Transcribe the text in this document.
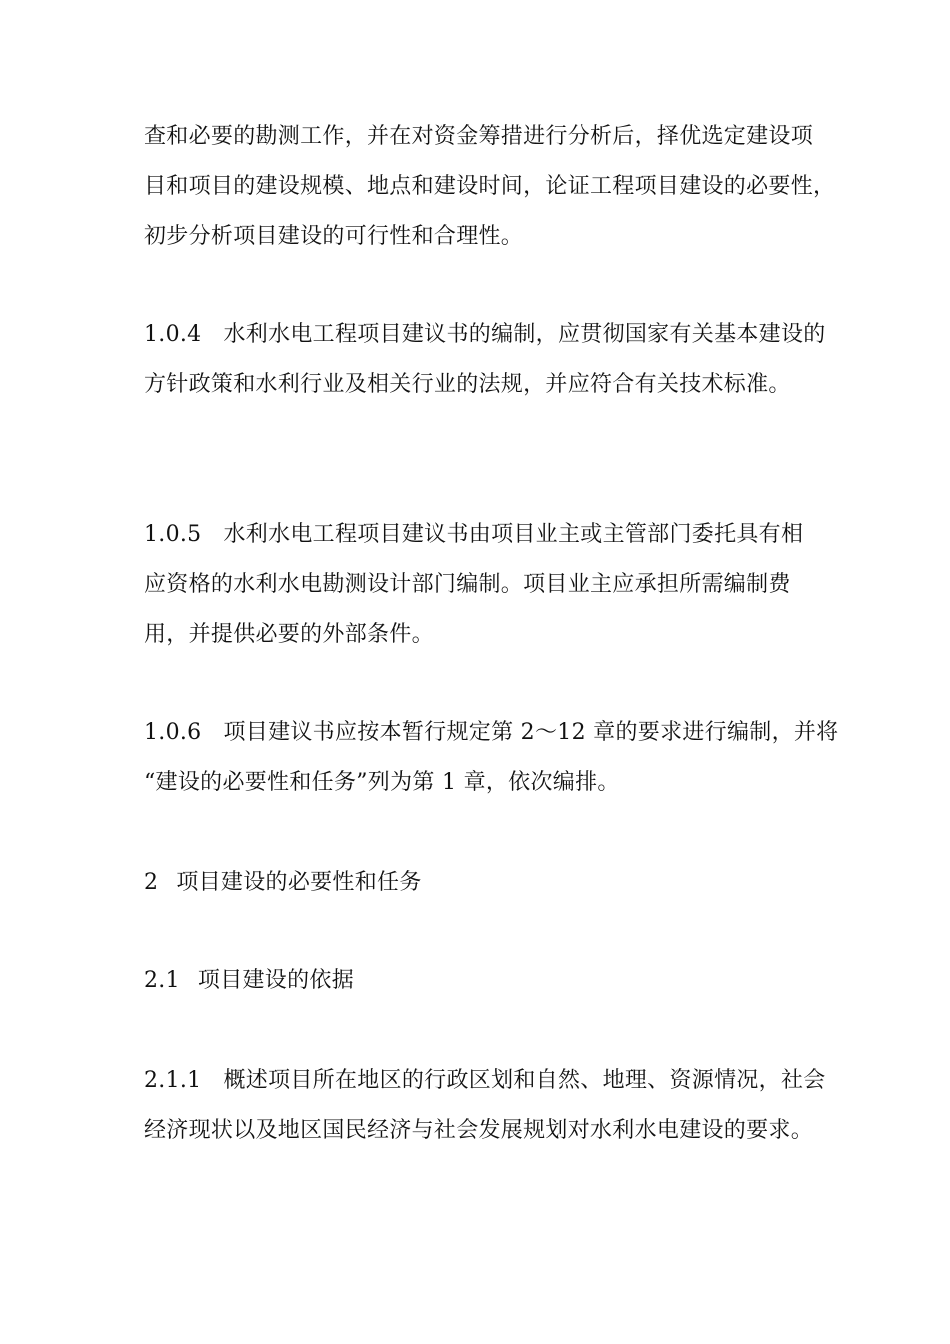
查和必要的勘测工作，并在对资金筹措进行分析后，择优选定建设项
目和项目的建设规模、地点和建设时间，论证工程项目建设的必要性，
初步分析项目建设的可行性和合理性。
1.0.4 水利水电工程项目建议书的编制，应贯彻国家有关基本建设的
方针政策和水利行业及相关行业的法规，并应符合有关技术标准。
1.0.5 水利水电工程项目建议书由项目业主或主管部门委托具有相
应资格的水利水电勘测设计部门编制。项目业主应承担所需编制费
用，并提供必要的外部条件。
1.0.6 项目建议书应按本暂行规定第 2～12 章的要求进行编制，并将
“建设的必要性和任务”列为第 1 章，依次编排。
2 项目建设的必要性和任务
2.1 项目建设的依据
2.1.1 概述项目所在地区的行政区划和自然、地理、资源情况，社会
经济现状以及地区国民经济与社会发展规划对水利水电建设的要求。
